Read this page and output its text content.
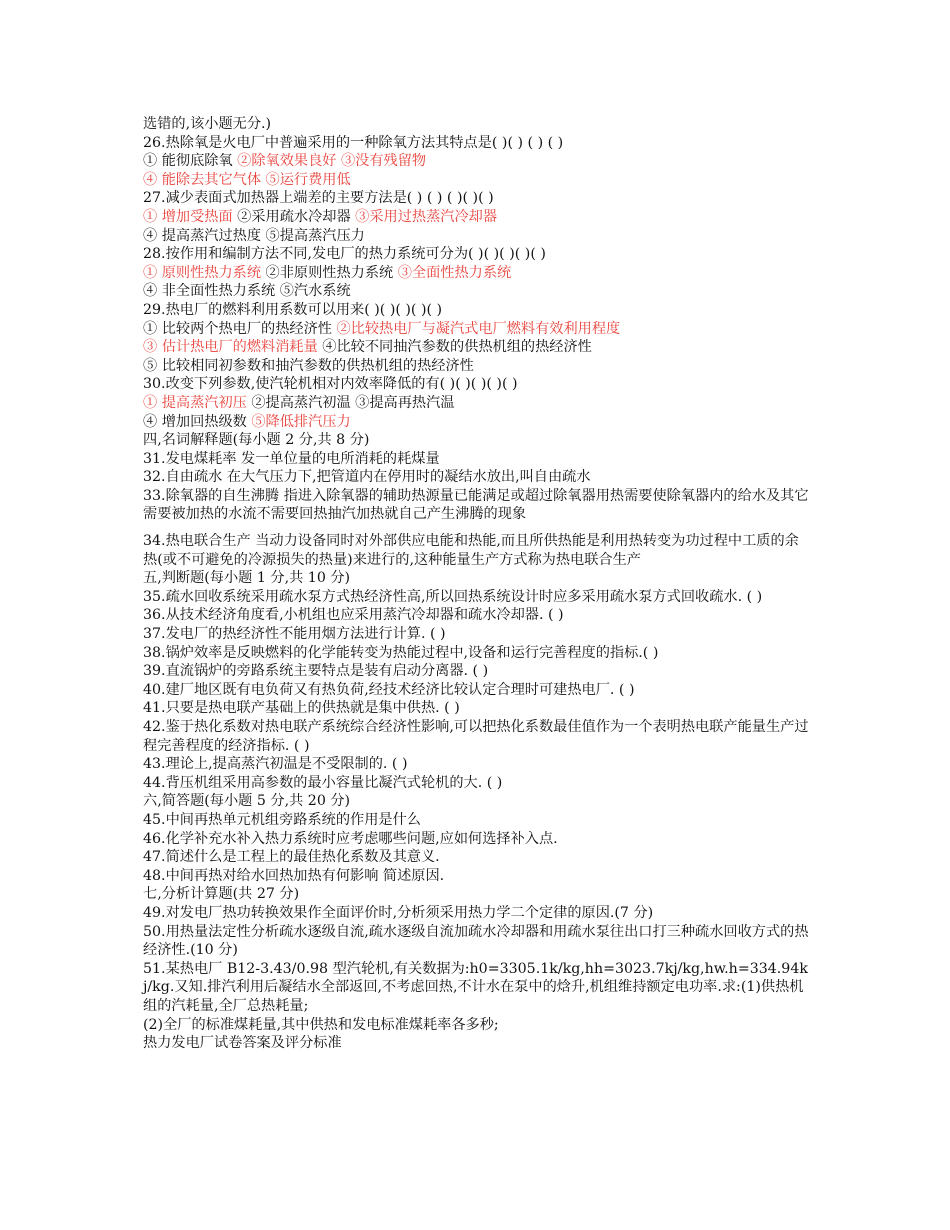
选错的,该小题无分.)
26.热除氧是火电厂中普遍采用的一种除氧方法其特点是( )( ) ( ) ( )
① 能彻底除氧 ②除氧效果良好 ③没有残留物
④ 能除去其它气体 ⑤运行费用低
27.减少表面式加热器上端差的主要方法是( ) ( ) ( )( )( )
① 增加受热面 ②采用疏水冷却器 ③采用过热蒸汽冷却器
④ 提高蒸汽过热度 ⑤提高蒸汽压力
28.按作用和编制方法不同,发电厂的热力系统可分为( )( )( )( )( )
① 原则性热力系统 ②非原则性热力系统 ③全面性热力系统
④ 非全面性热力系统 ⑤汽水系统
29.热电厂的燃料利用系数可以用来( )( )( )( )( )
① 比较两个热电厂的热经济性 ②比较热电厂与凝汽式电厂燃料有效利用程度
③ 估计热电厂的燃料消耗量 ④比较不同抽汽参数的供热机组的热经济性
⑤ 比较相同初参数和抽汽参数的供热机组的热经济性
30.改变下列参数,使汽轮机相对内效率降低的有( )( )( )( )( )
① 提高蒸汽初压 ②提高蒸汽初温 ③提高再热汽温
④ 增加回热级数 ⑤降低排汽压力
四,名词解释题(每小题 2 分,共 8 分)
31.发电煤耗率 发一单位量的电所消耗的耗煤量
32.自由疏水 在大气压力下,把管道内在停用时的凝结水放出,叫自由疏水
33.除氧器的自生沸腾 指进入除氧器的辅助热源量已能满足或超过除氧器用热需要使除氧器内的给水及其它需要被加热的水流不需要回热抽汽加热就自己产生沸腾的现象
34.热电联合生产 当动力设备同时对外部供应电能和热能,而且所供热能是利用热转变为功过程中工质的余热(或不可避免的冷源损失的热量)来进行的,这种能量生产方式称为热电联合生产
五,判断题(每小题 1 分,共 10 分)
35.疏水回收系统采用疏水泵方式热经济性高,所以回热系统设计时应多采用疏水泵方式回收疏水. ( )
36.从技术经济角度看,小机组也应采用蒸汽冷却器和疏水冷却器. ( )
37.发电厂的热经济性不能用烟方法进行计算. ( )
38.锅炉效率是反映燃料的化学能转变为热能过程中,设备和运行完善程度的指标.( )
39.直流锅炉的旁路系统主要特点是装有启动分离器. ( )
40.建厂地区既有电负荷又有热负荷,经技术经济比较认定合理时可建热电厂. ( )
41.只要是热电联产基础上的供热就是集中供热. ( )
42.鉴于热化系数对热电联产系统综合经济性影响,可以把热化系数最佳值作为一个表明热电联产能量生产过程完善程度的经济指标. ( )
43.理论上,提高蒸汽初温是不受限制的. ( )
44.背压机组采用高参数的最小容量比凝汽式轮机的大. ( )
六,简答题(每小题 5 分,共 20 分)
45.中间再热单元机组旁路系统的作用是什么
46.化学补充水补入热力系统时应考虑哪些问题,应如何选择补入点.
47.简述什么是工程上的最佳热化系数及其意义.
48.中间再热对给水回热加热有何影响 简述原因.
七,分析计算题(共 27 分)
49.对发电厂热功转换效果作全面评价时,分析须采用热力学二个定律的原因.(7 分)
50.用热量法定性分析疏水逐级自流,疏水逐级自流加疏水冷却器和用疏水泵往出口打三种疏水回收方式的热经济性.(10 分)
51.某热电厂 B12-3.43/0.98 型汽轮机,有关数据为:h0=3305.1k/kg,hh=3023.7kj/kg,hw.h=334.94kj/kg.又知.排汽利用后凝结水全部返回,不考虑回热,不计水在泵中的焓升,机组维持额定电功率.求:(1)供热机组的汽耗量,全厂总热耗量;
(2)全厂的标准煤耗量,其中供热和发电标准煤耗率各多秒;
热力发电厂试卷答案及评分标准
